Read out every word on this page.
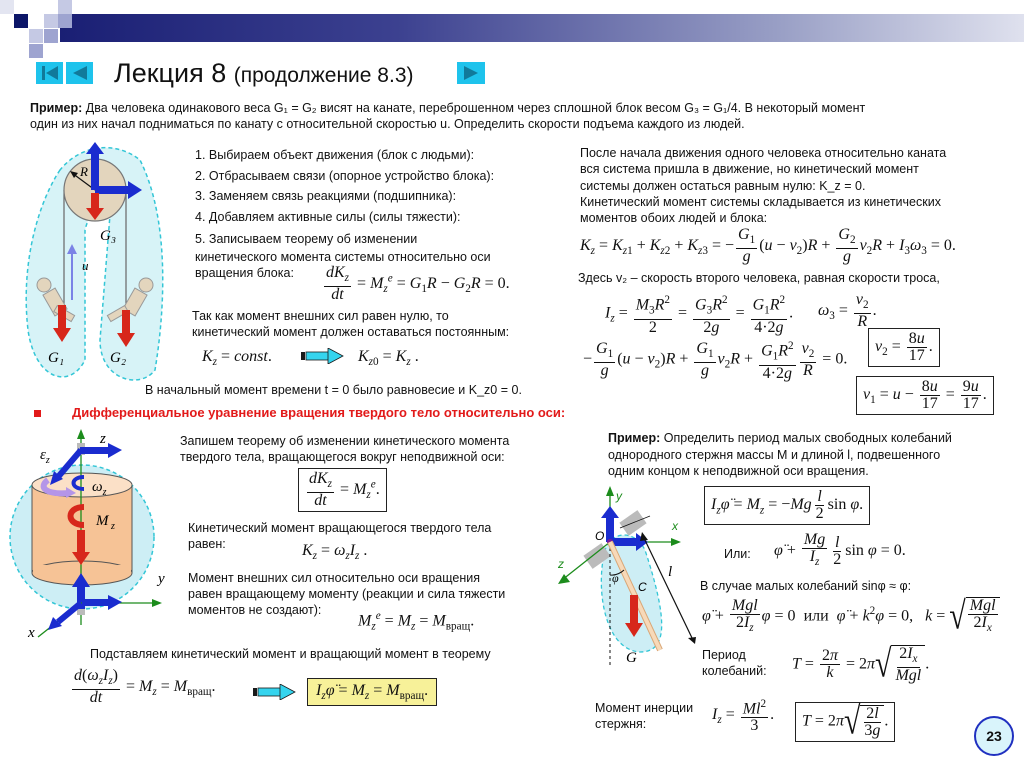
Лекция 8 (продолжение 8.3)
Пример: Два человека одинакового веса G₁ = G₂ висят на канате, переброшенном через сплошной блок весом G₃ = G₁/4. В некоторый момент
один из них начал подниматься по канату с относительной скоростью u. Определить скорости подъема каждого из людей.
R
G₃
u
G₁	G₂
1. Выбираем объект движения (блок с людьми):
2. Отбрасываем связи (опорное устройство блока):
3. Заменяем связь реакциями (подшипника):
4. Добавляем активные силы (силы тяжести):
5. Записываем теорему об изменении
кинетического момента системы относительно оси
вращения блока:	$\frac{dK_z}{dt} = M_z^e = G_1R - G_2R = 0$.
Так как момент внешних сил равен нулю, то
кинетический момент должен оставаться постоянным:
$K_z$ = const.	$K_{z0} = K_z$ .
В начальный момент времени t = 0 было равновесие и K_z0 = 0.
После начала движения одного человека относительно каната
вся система пришла в движение, но кинетический момент
системы должен остаться равным нулю: K_z = 0.
Кинетический момент системы складывается из кинетических
моментов обоих людей и блока:
$K_z = K_{z1} + K_{z2} + K_{z3}$ = − $\frac{G_1}{g} (u - v_2)R + \frac{G_2}{g} v_2R + I_3\omega_3 = 0$.
Здесь v₂ – скорость второго человека, равная скорости троса,
$I_z = \frac{M_3R^2}{2} = \frac{G_3R^2}{2g} = \frac{G_1R^2}{4\cdot 2g}$ . $\omega_3 = \frac{v_2}{R}$ .
− $\frac{G_1}{g} (u - v_2)R + \frac{G_1}{g} v_2R + \frac{G_1R^2}{4\cdot 2g} \frac{v_2}{R} = 0$.
$v_2 = \frac{8u}{17}$ .
$v_1 = u - \frac{8u}{17} = \frac{9u}{17}$ .
Дифференциальное уравнение вращения твердого тело относительно оси:
z
y
x
$\varepsilon_z$
$\omega_z$
M $_z$
Запишем теорему об изменении кинетического момента
твердого тела, вращающегося вокруг неподвижной оси:
$\frac{dK_z}{dt} = M_z^e$.
Кинетический момент вращающегося твердого тела
равен:	$K_z = \omega_zI_z$ .
Момент внешних сил относительно оси вращения
равен вращающему моменту (реакции и сила тяжести
моментов не создают):
$M_z^e = M_z = M_{вращ}$.
Подставляем кинетический момент и вращающий момент в теорему
$\frac{d(\omega_zI_z)}{dt} = M_z = M_{вращ}$.	$I_z\varphï = M_z = M_{вращ}$.
Пример: Определить период малых свободных колебаний
однородного стержня массы M и длиной l, подвешенного
одним концом к неподвижной оси вращения.
y
x
z
O
C
φ	l
G
$I_z\varphï = M_z = -Mg \frac{l}{2}$ sin φ.
Или: φ̈ + $\frac{Mg}{I_z} \frac{l}{2}$ sin φ = 0.
В случае малых колебаний sinφ ≈ φ:
φ̈ + $\frac{\text{Mgl}}{2I_z}$ φ = 0  или φ̈ + $k^2\varphi = 0$,   k = √ $\frac{\text{Mgl}}{2I_x}$
Период
колебаний: $T = \frac{2\pi}{k} = 2\pi$ √ $\frac{2I_x}{\text{Mgl}}$ .
Момент инерции
стержня:
$I_z = \frac{Ml^2}{3}$ .	T = 2π √ $\frac{2l}{3g}$ .
23
